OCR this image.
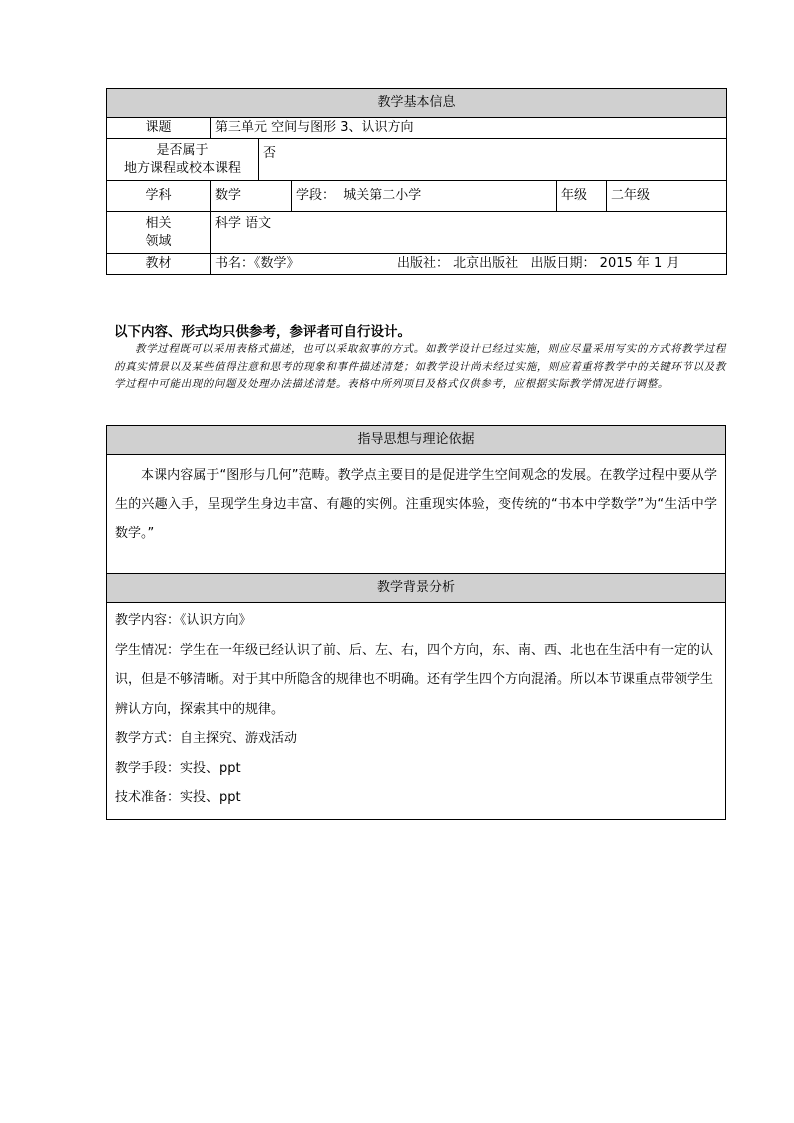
教学基本信息					
课题	第三单元 空间与图形 3、认识方向				

是否属于
地方课程或校本课程		否			
学科	数学		学段： 城关第二小学	年级	二年级

相关
领域	科学 语文				
教材	书名：《数学》 出版社： 北京出版社 出版日期： 2015 年 1 月				
以下内容、形式均只供参考，参评者可自行设计。
教学过程既可以采用表格式描述，也可以采取叙事的方式。如教学设计已经过实施，则应尽量采用写实的方式将教学过程的真实情景以及某些值得注意和思考的现象和事件描述清楚；如教学设计尚未经过实施，则应着重将教学中的关键环节以及教学过程中可能出现的问题及处理办法描述清楚。表格中所列项目及格式仅供参考，应根据实际教学情况进行调整。
指导思想与理论依据

本课内容属于“图形与几何”范畴。教学点主要目的是促进学生空间观念的发展。在教学过程中要从学生的兴趣入手，呈现学生身边丰富、有趣的实例。注重现实体验，变传统的“书本中学数学”为“生活中学数学。”
教学背景分析

教学内容：《认识方向》
学生情况：学生在一年级已经认识了前、后、左、右，四个方向，东、南、西、北也在生活中有一定的认识，但是不够清晰。对于其中所隐含的规律也不明确。还有学生四个方向混淆。所以本节课重点带领学生辨认方向，探索其中的规律。
教学方式：自主探究、游戏活动
教学手段：实投、ppt
技术准备：实投、ppt
